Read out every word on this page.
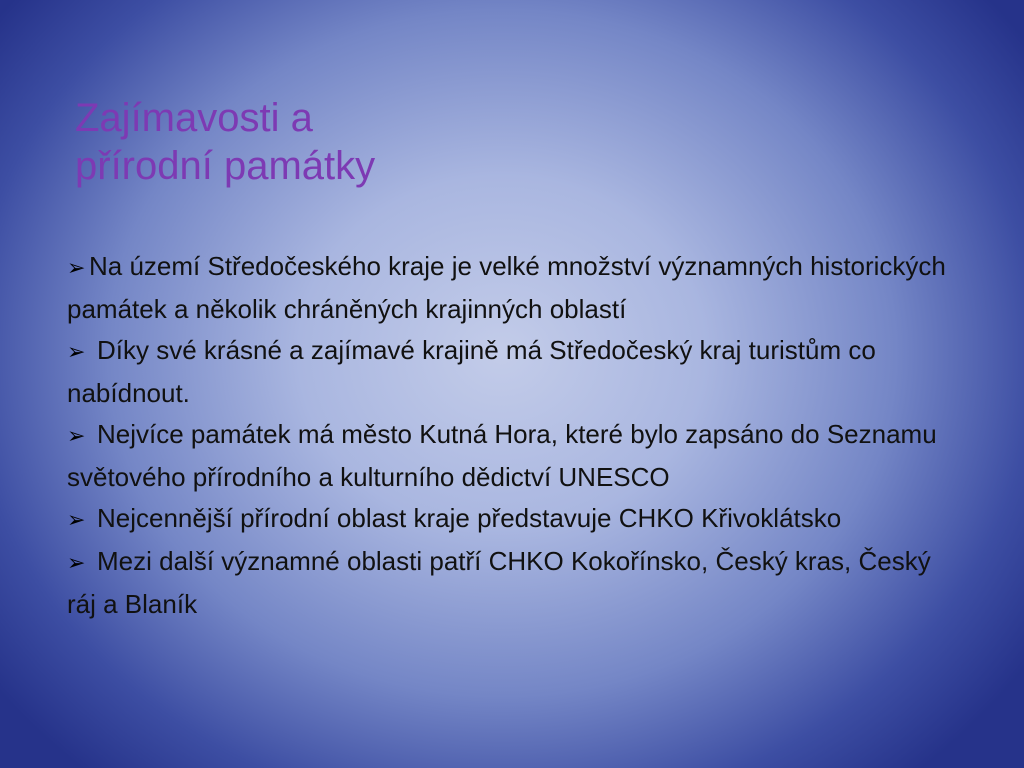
Zajímavosti a
přírodní památky
➢ Na území Středočeského kraje je velké množství významných historických památek a několik chráněných krajinných oblastí
➢ Díky své krásné a zajímavé krajině má Středočeský kraj turistům co nabídnout.
➢ Nejvíce památek má město Kutná Hora, které bylo zapsáno do Seznamu světového přírodního a kulturního dědictví UNESCO
➢ Nejcennější přírodní oblast kraje představuje CHKO Křivoklátsko
➢ Mezi další významné oblasti patří CHKO Kokořínsko, Český kras, Český ráj a Blaník
